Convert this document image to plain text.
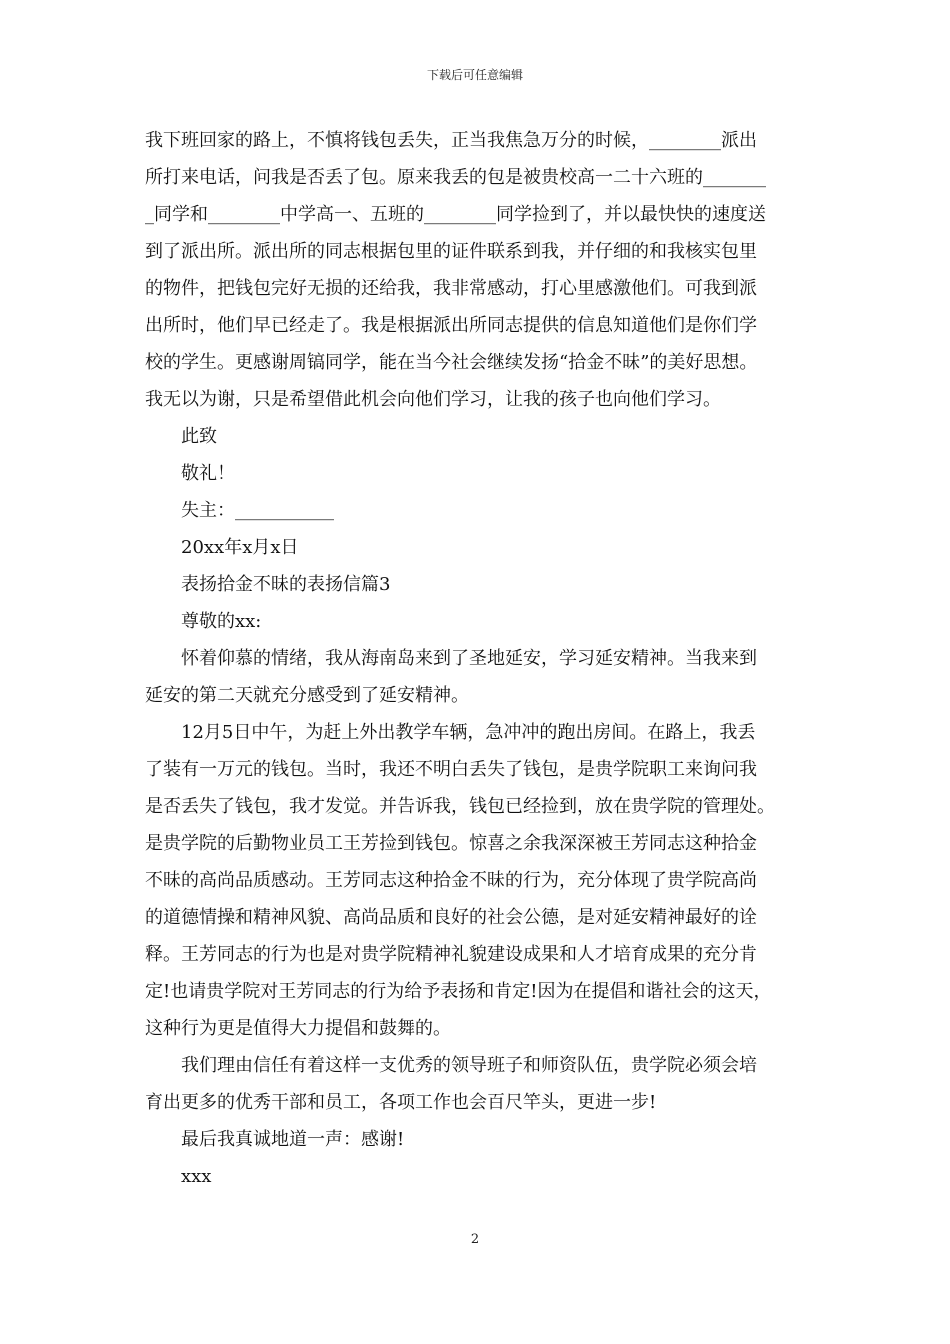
下载后可任意编辑
我下班回家的路上，不慎将钱包丢失，正当我焦急万分的时候，________派出
所打来电话，问我是否丢了包。原来我丢的包是被贵校高一二十六班的_______
_同学和________中学高一、五班的________同学捡到了，并以最快快的速度送
到了派出所。派出所的同志根据包里的证件联系到我，并仔细的和我核实包里
的物件，把钱包完好无损的还给我，我非常感动，打心里感激他们。可我到派
出所时，他们早已经走了。我是根据派出所同志提供的信息知道他们是你们学
校的学生。更感谢周镐同学，能在当今社会继续发扬“拾金不昧”的美好思想。
我无以为谢，只是希望借此机会向他们学习，让我的孩子也向他们学习。
此致
敬礼！
失主：___________
20xx年x月x日
表扬拾金不昧的表扬信篇3
尊敬的xx:
怀着仰慕的情绪，我从海南岛来到了圣地延安，学习延安精神。当我来到
延安的第二天就充分感受到了延安精神。
12月5日中午，为赶上外出教学车辆，急冲冲的跑出房间。在路上，我丢
了装有一万元的钱包。当时，我还不明白丢失了钱包，是贵学院职工来询问我
是否丢失了钱包，我才发觉。并告诉我，钱包已经捡到，放在贵学院的管理处。
是贵学院的后勤物业员工王芳捡到钱包。惊喜之余我深深被王芳同志这种拾金
不昧的高尚品质感动。王芳同志这种拾金不昧的行为，充分体现了贵学院高尚
的道德情操和精神风貌、高尚品质和良好的社会公德，是对延安精神最好的诠
释。王芳同志的行为也是对贵学院精神礼貌建设成果和人才培育成果的充分肯
定!也请贵学院对王芳同志的行为给予表扬和肯定!因为在提倡和谐社会的这天，
这种行为更是值得大力提倡和鼓舞的。
我们理由信任有着这样一支优秀的领导班子和师资队伍，贵学院必须会培
育出更多的优秀干部和员工，各项工作也会百尺竿头，更进一步!
最后我真诚地道一声：感谢!
xxx
2
